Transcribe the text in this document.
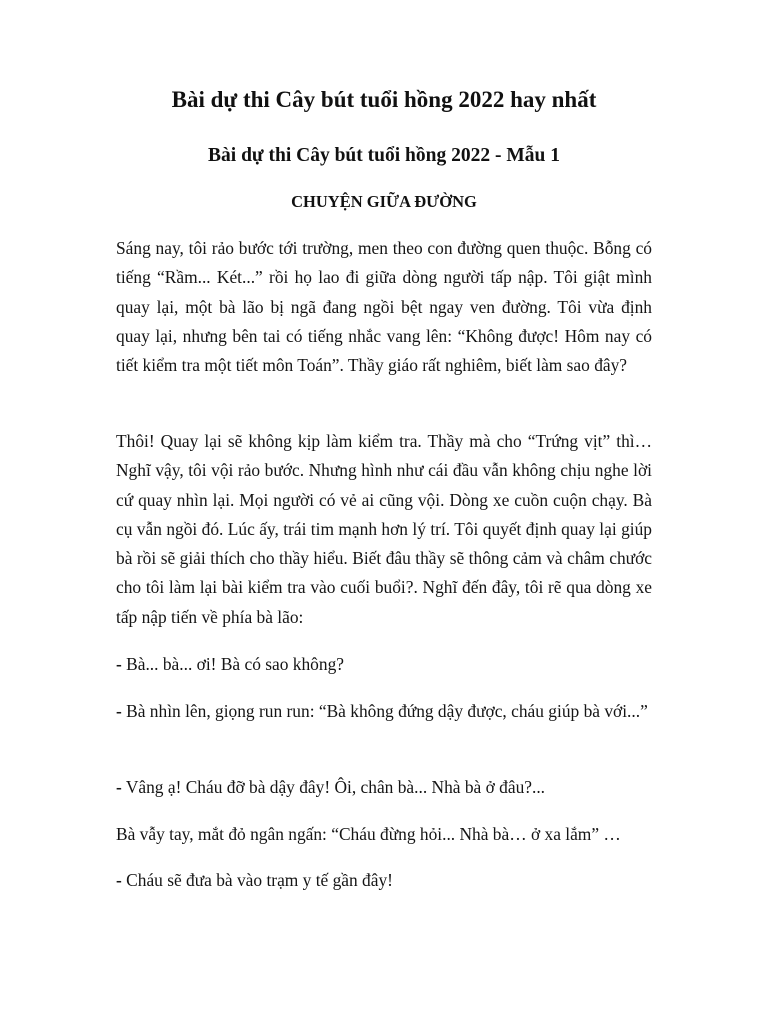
Bài dự thi Cây bút tuổi hồng 2022 hay nhất
Bài dự thi Cây bút tuổi hồng 2022 - Mẫu 1
CHUYỆN GIỮA ĐƯỜNG

Sáng nay, tôi rảo bước tới trường, men theo con đường quen thuộc. Bỗng có tiếng “Rầm... Két...” rồi họ lao đi giữa dòng người tấp nập. Tôi giật mình quay lại, một bà lão bị ngã đang ngồi bệt ngay ven đường. Tôi vừa định quay lại, nhưng bên tai có tiếng nhắc vang lên: “Không được! Hôm nay có tiết kiểm tra một tiết môn Toán”. Thầy giáo rất nghiêm, biết làm sao đây?

Thôi! Quay lại sẽ không kịp làm kiểm tra. Thầy mà cho “Trứng vịt” thì… Nghĩ vậy, tôi vội rảo bước. Nhưng hình như cái đầu vẫn không chịu nghe lời cứ quay nhìn lại. Mọi người có vẻ ai cũng vội. Dòng xe cuồn cuộn chạy. Bà cụ vẫn ngồi đó. Lúc ấy, trái tim mạnh hơn lý trí. Tôi quyết định quay lại giúp bà rồi sẽ giải thích cho thầy hiểu. Biết đâu thầy sẽ thông cảm và châm chước cho tôi làm lại bài kiểm tra vào cuối buổi?. Nghĩ đến đây, tôi rẽ qua dòng xe tấp nập tiến về phía bà lão:

- Bà... bà... ơi! Bà có sao không?

- Bà nhìn lên, giọng run run: “Bà không đứng dậy được, cháu giúp bà với...”

- Vâng ạ! Cháu đỡ bà dậy đây! Ôi, chân bà... Nhà bà ở đâu?...

Bà vẫy tay, mắt đỏ ngân ngấn: “Cháu đừng hỏi... Nhà bà… ở xa lắm” …

- Cháu sẽ đưa bà vào trạm y tế gần đây!
